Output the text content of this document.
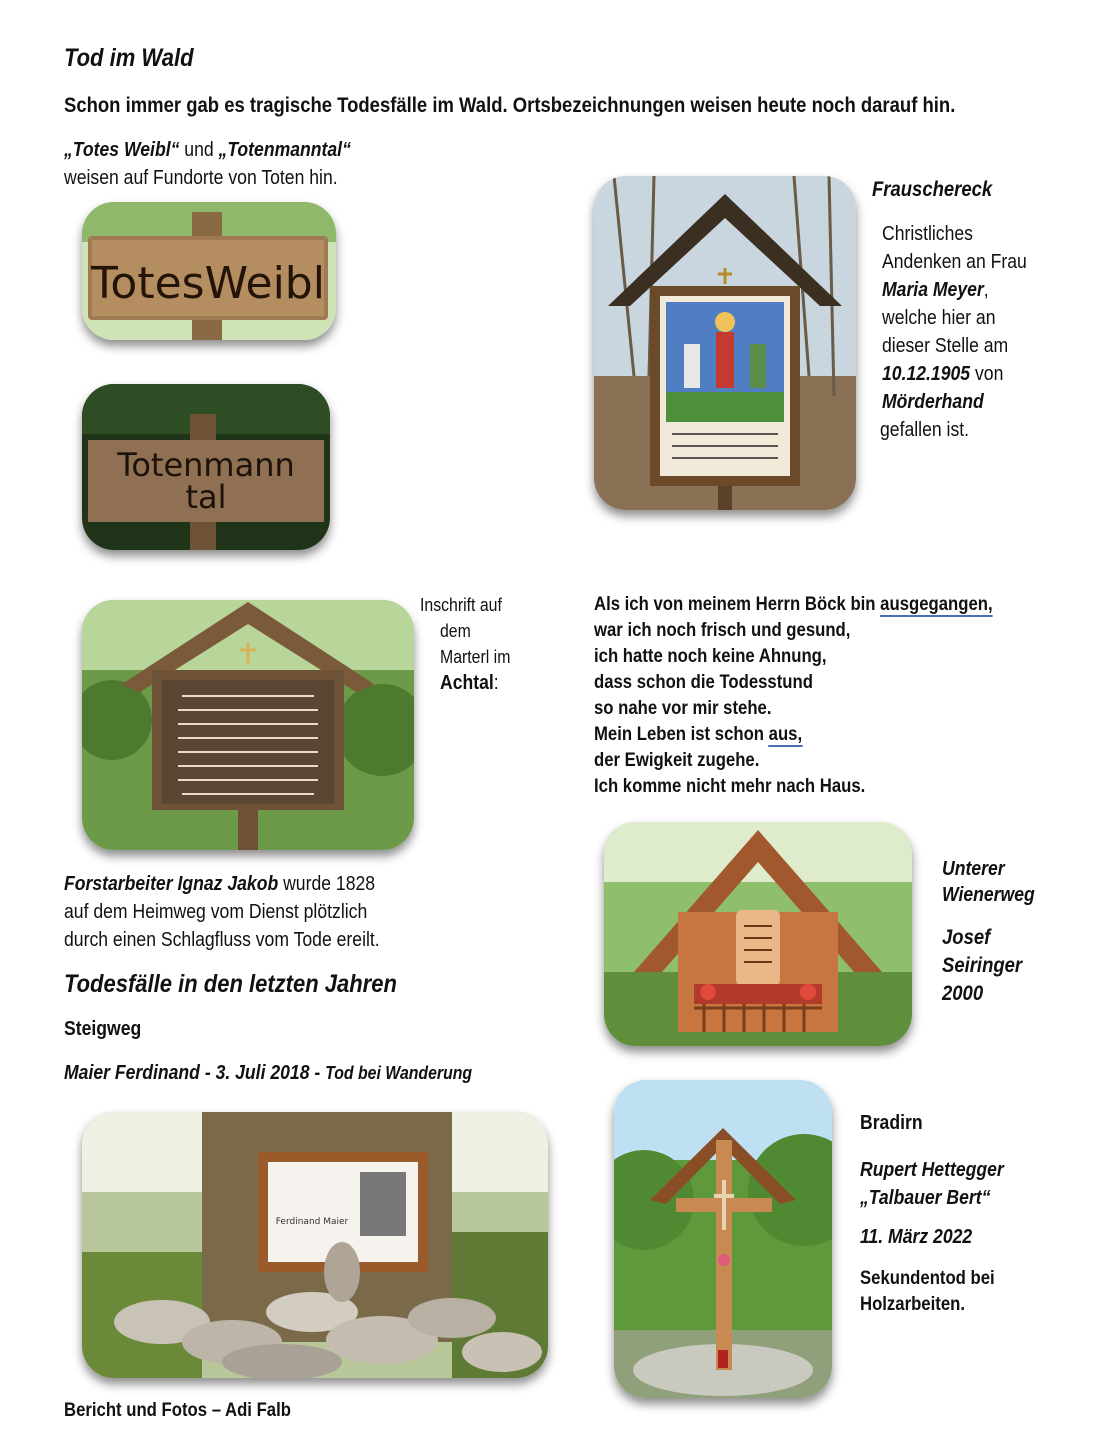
Tod im Wald
Schon immer gab es tragische Todesfälle im Wald. Ortsbezeichnungen weisen heute noch darauf hin.
„Totes Weibl“ und „Totenmanntal“
weisen auf Fundorte von Toten hin.
TotesWeibl
Totenmann
tal
Frauschereck
Christliches
Andenken an Frau
Maria Meyer,
welche hier an
dieser Stelle am
10.12.1905 von
Mörderhand
gefallen ist.
Inschrift auf
dem
Marterl im
Achtal:
Als ich von meinem Herrn Böck bin ausgegangen,
war ich noch frisch und gesund,
ich hatte noch keine Ahnung,
dass schon die Todesstund
so nahe vor mir stehe.
Mein Leben ist schon aus,
der Ewigkeit zugehe.
Ich komme nicht mehr nach Haus.
Forstarbeiter Ignaz Jakob wurde 1828
auf dem Heimweg vom Dienst plötzlich
durch einen Schlagfluss vom Tode ereilt.
Unterer
Wienerweg
Josef
Seiringer
2000
Todesfälle in den letzten Jahren
Steigweg
Maier Ferdinand - 3. Juli 2018 - Tod bei Wanderung
Ferdinand Maier
Bradirn
Rupert Hettegger
„Talbauer Bert“
11. März 2022
Sekundentod bei
Holzarbeiten.
Bericht und Fotos – Adi Falb
